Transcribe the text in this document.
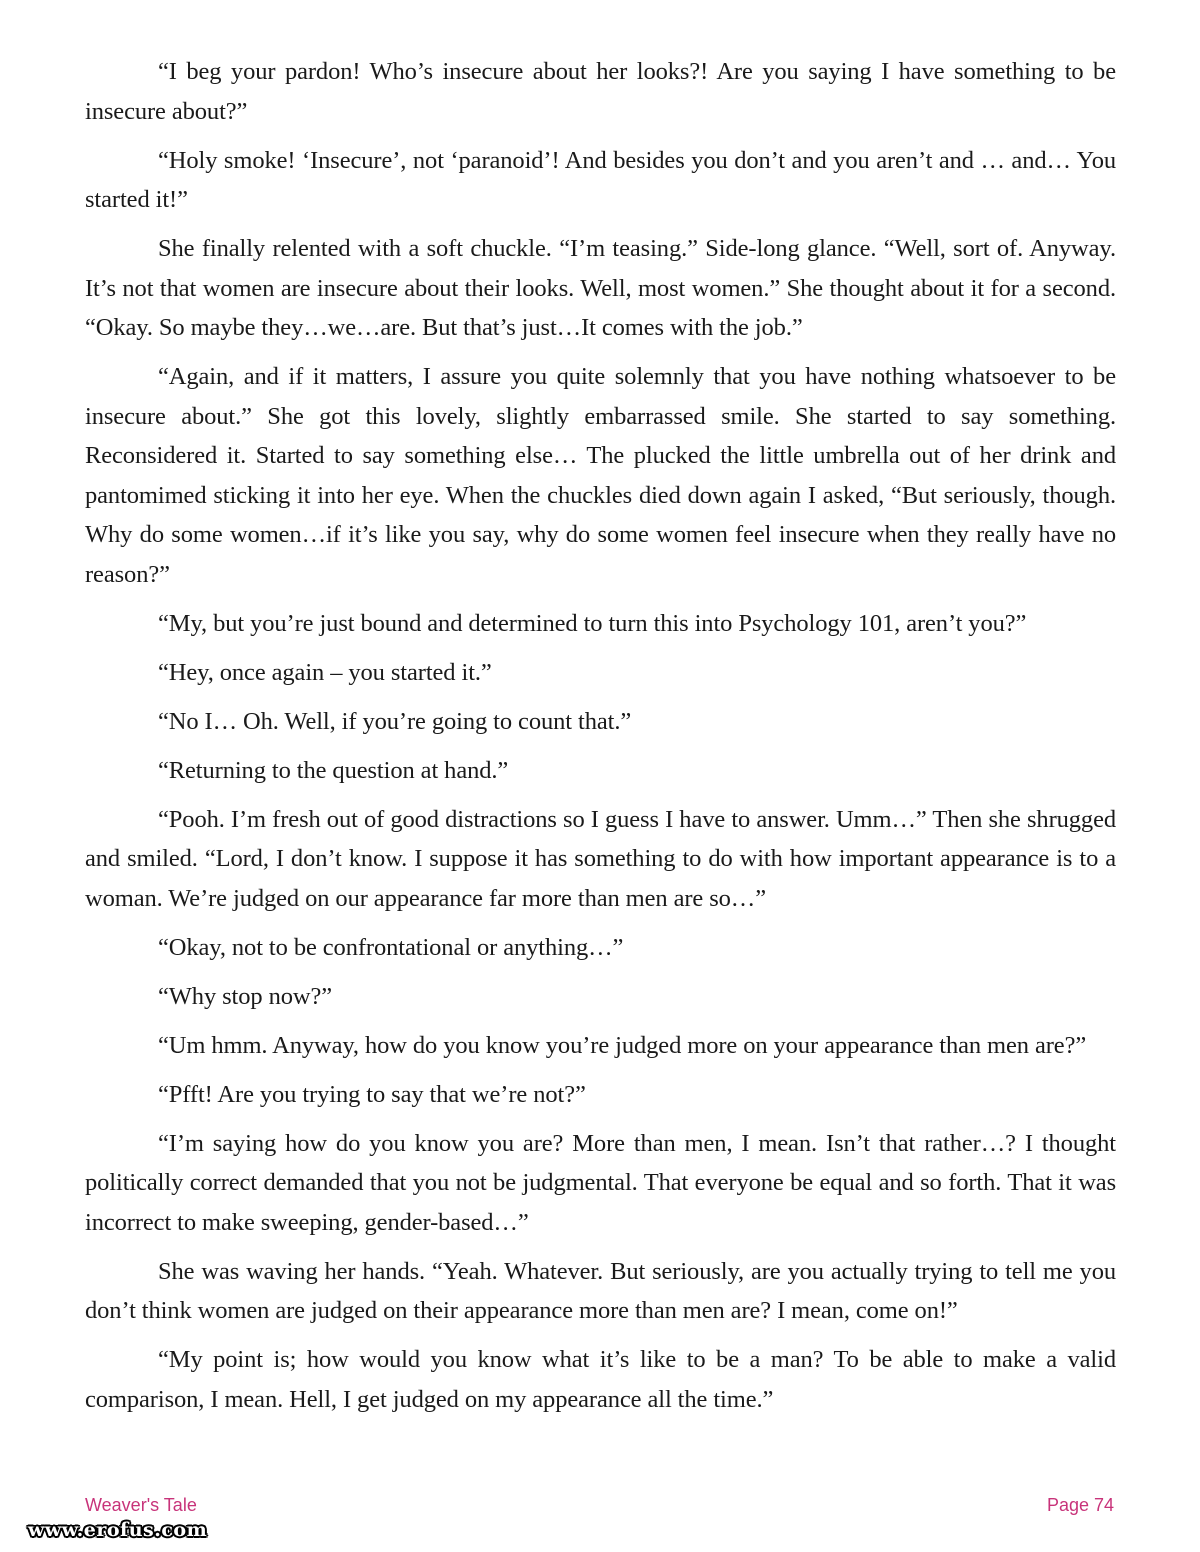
“I beg your pardon! Who’s insecure about her looks?! Are you saying I have something to be insecure about?”

“Holy smoke! ‘Insecure’, not ‘paranoid’! And besides you don’t and you aren’t and … and… You started it!”

She finally relented with a soft chuckle. “I’m teasing.” Side-long glance. “Well, sort of. Anyway. It’s not that women are insecure about their looks. Well, most women.” She thought about it for a second. “Okay. So maybe they…we…are. But that’s just…It comes with the job.”

“Again, and if it matters, I assure you quite solemnly that you have nothing whatsoever to be insecure about.” She got this lovely, slightly embarrassed smile. She started to say something. Reconsidered it. Started to say something else… The plucked the little umbrella out of her drink and pantomimed sticking it into her eye. When the chuckles died down again I asked, “But seriously, though. Why do some women…if it’s like you say, why do some women feel insecure when they really have no reason?”

“My, but you’re just bound and determined to turn this into Psychology 101, aren’t you?”

“Hey, once again – you started it.”

“No I… Oh. Well, if you’re going to count that.”

“Returning to the question at hand.”

“Pooh. I’m fresh out of good distractions so I guess I have to answer. Umm…” Then she shrugged and smiled. “Lord, I don’t know. I suppose it has something to do with how important appearance is to a woman. We’re judged on our appearance far more than men are so…”

“Okay, not to be confrontational or anything…”

“Why stop now?”

“Um hmm. Anyway, how do you know you’re judged more on your appearance than men are?”

“Pfft! Are you trying to say that we’re not?”

“I’m saying how do you know you are? More than men, I mean. Isn’t that rather…? I thought politically correct demanded that you not be judgmental. That everyone be equal and so forth. That it was incorrect to make sweeping, gender-based…”

She was waving her hands. “Yeah. Whatever. But seriously, are you actually trying to tell me you don’t think women are judged on their appearance more than men are? I mean, come on!”

“My point is; how would you know what it’s like to be a man? To be able to make a valid comparison, I mean. Hell, I get judged on my appearance all the time.”

Weaver's Tale	Page 74
www.erofus.com
